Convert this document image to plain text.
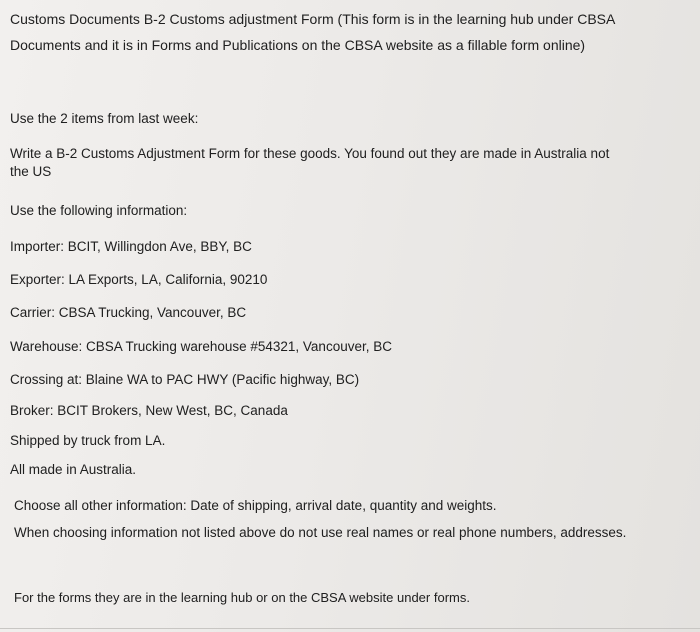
Customs Documents B-2 Customs adjustment Form (This form is in the learning hub under CBSA
Documents and it is in Forms and Publications on the CBSA website as a fillable form online)
Use the 2 items from last week:
Write a B-2 Customs Adjustment Form for these goods. You found out they are made in Australia not
the US
Use the following information:
Importer: BCIT, Willingdon Ave, BBY, BC
Exporter: LA Exports, LA, California, 90210
Carrier: CBSA Trucking, Vancouver, BC
Warehouse: CBSA Trucking warehouse #54321, Vancouver, BC
Crossing at: Blaine WA to PAC HWY (Pacific highway, BC)
Broker: BCIT Brokers, New West, BC, Canada
Shipped by truck from LA.
All made in Australia.
Choose all other information: Date of shipping, arrival date, quantity and weights.
When choosing information not listed above do not use real names or real phone numbers, addresses.
For the forms they are in the learning hub or on the CBSA website under forms.
